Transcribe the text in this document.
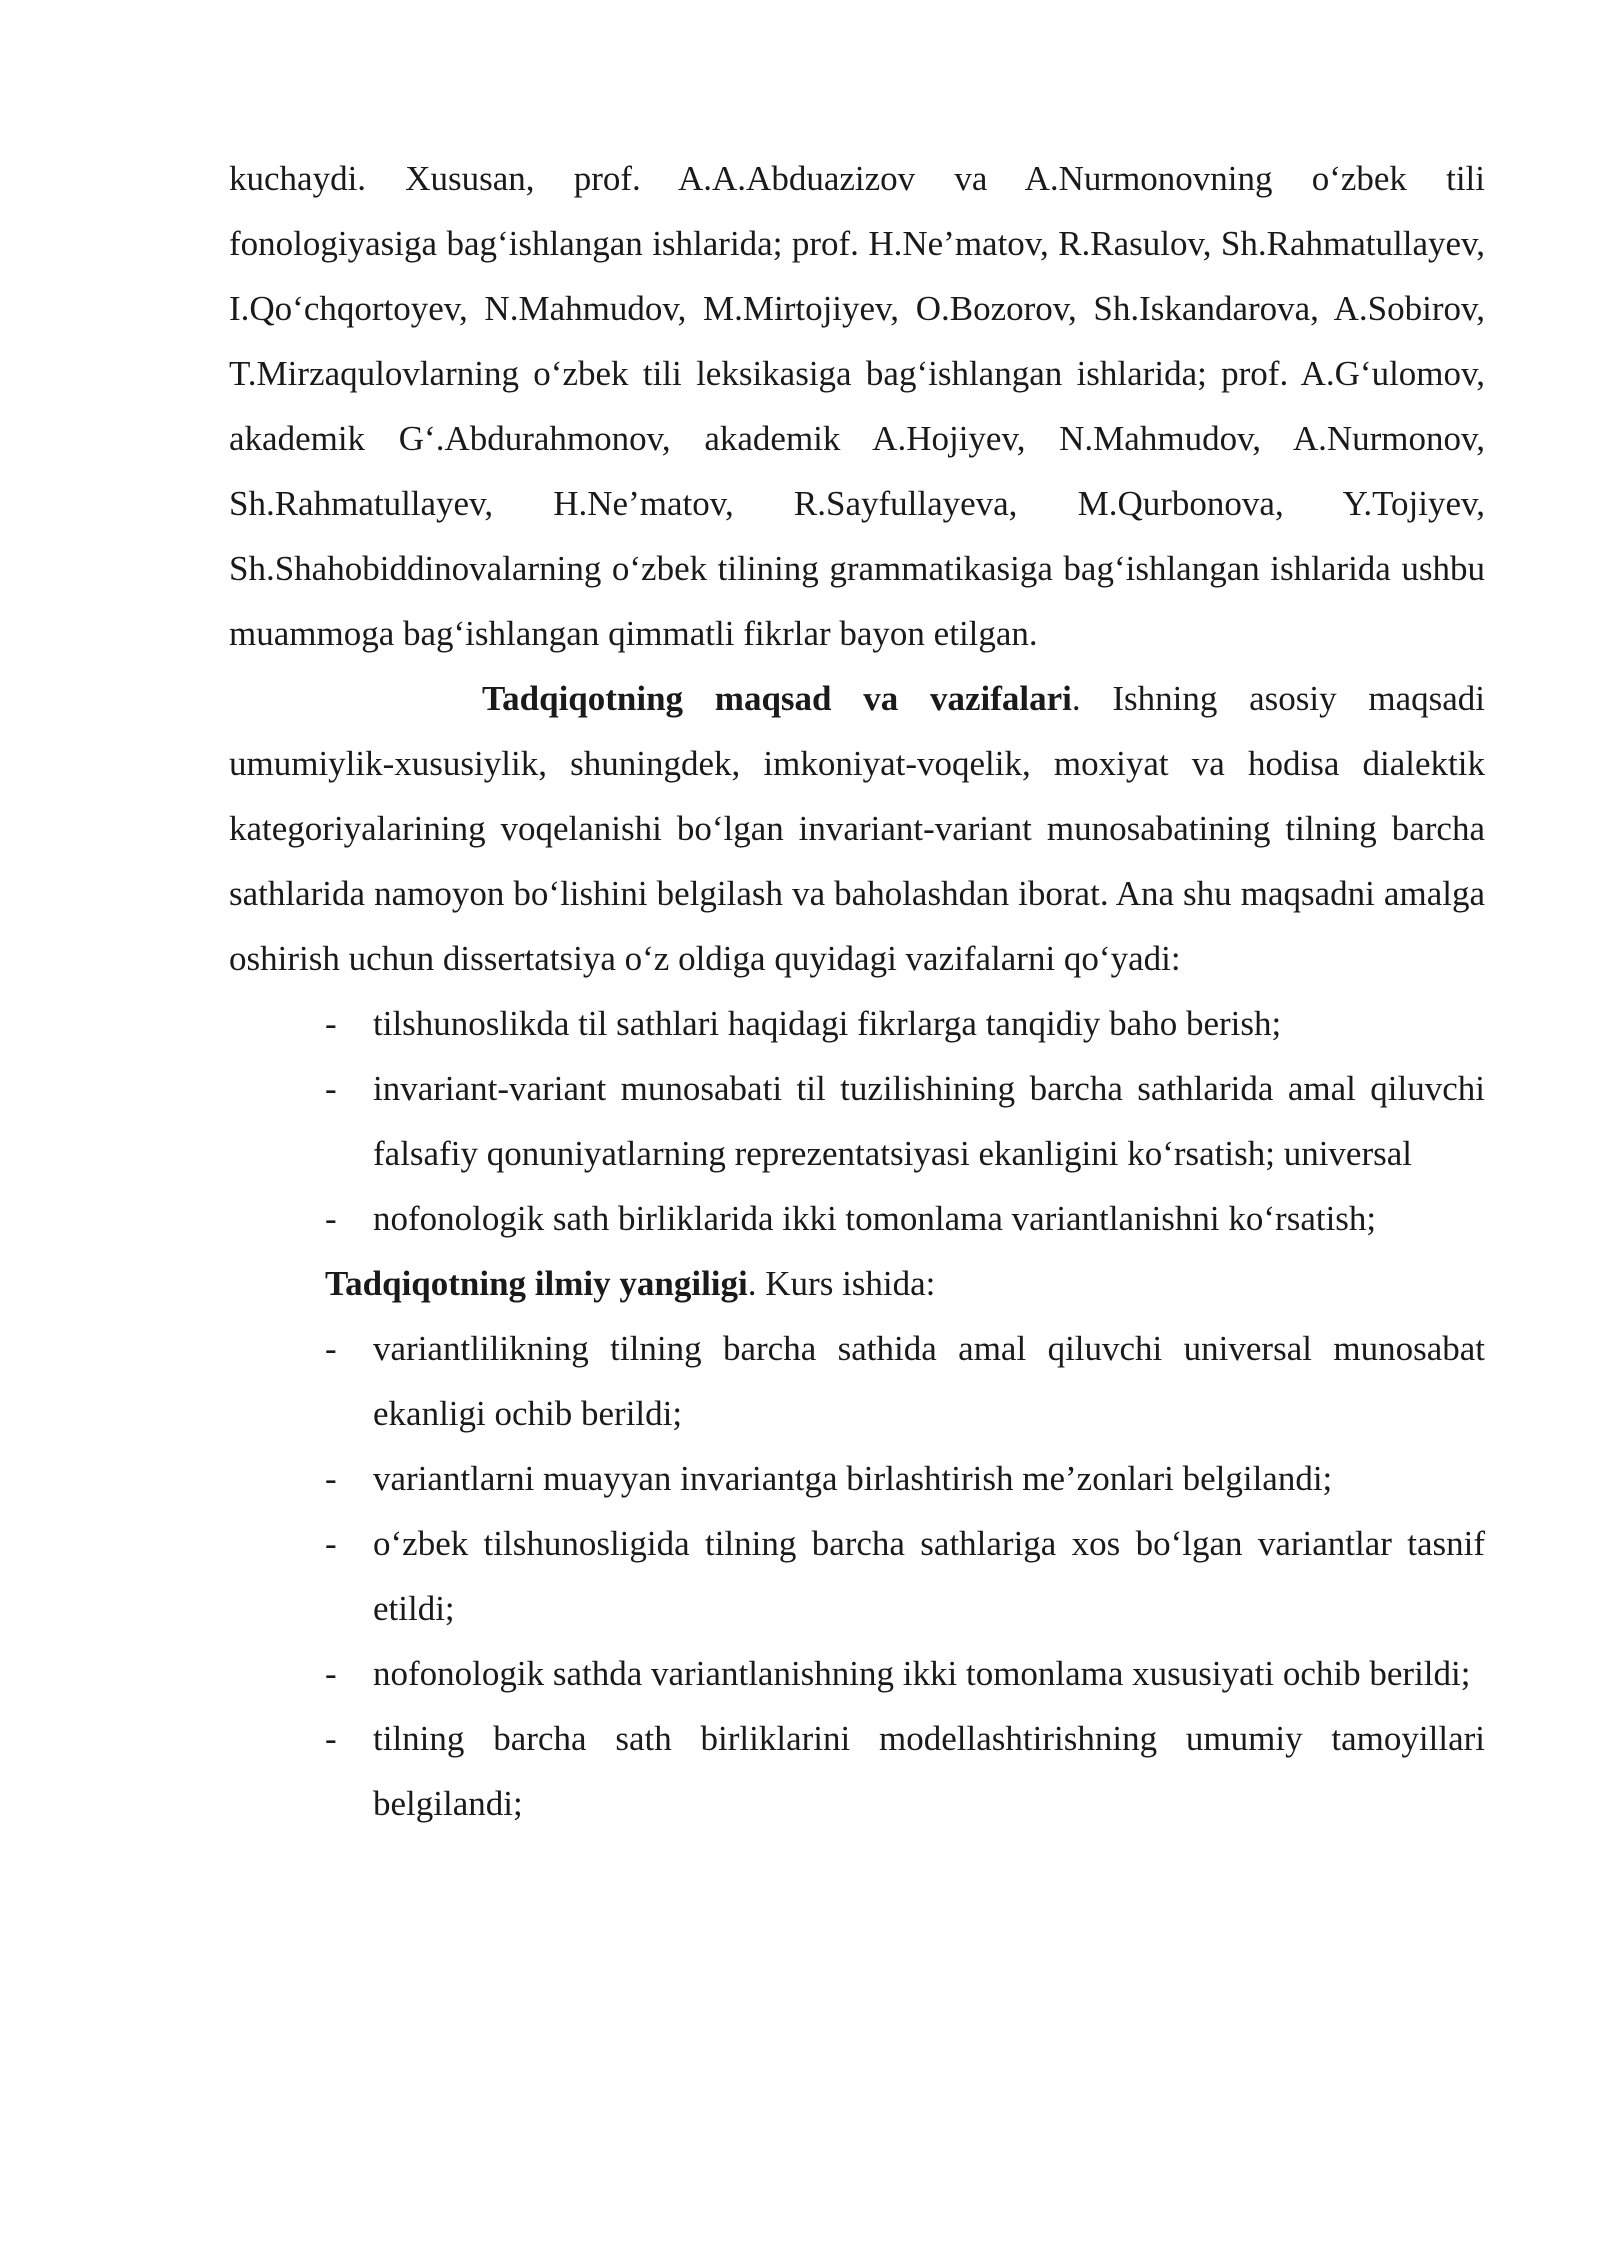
kuchaydi. Xususan, prof. A.A.Abduazizov va A.Nurmonovning o‘zbek tili fonologiyasiga bag‘ishlangan ishlarida; prof. H.Ne’matov, R.Rasulov, Sh.Rahmatullayev, I.Qo‘chqortoyev, N.Mahmudov, M.Mirtojiyev, O.Bozorov, Sh.Iskandarova, A.Sobirov, T.Mirzaqulovlarning o‘zbek tili leksikasiga bag‘ishlangan ishlarida; prof. A.G‘ulomov, akademik G‘.Abdurahmonov, akademik A.Hojiyev, N.Mahmudov, A.Nurmonov, Sh.Rahmatullayev, H.Ne’matov, R.Sayfullayeva, M.Qurbonova, Y.Tojiyev, Sh.Shahobiddinovalarning o‘zbek tilining grammatikasiga bag‘ishlangan ishlarida ushbu muammoga bag‘ishlangan qimmatli fikrlar bayon etilgan.

Tadqiqotning maqsad va vazifalari. Ishning asosiy maqsadi umumiylik-xususiylik, shuningdek, imkoniyat-voqelik, moxiyat va hodisa dialektik kategoriyalarining voqelanishi bo‘lgan invariant-variant munosabatining tilning barcha sathlarida namoyon bo‘lishini belgilash va baholashdan iborat. Ana shu maqsadni amalga oshirish uchun dissertatsiya o‘z oldiga quyidagi vazifalarni qo‘yadi:

- tilshunoslikda til sathlari haqidagi fikrlarga tanqidiy baho berish;
- invariant-variant munosabati til tuzilishining barcha sathlarida amal qiluvchi falsafiy qonuniyatlarning reprezentatsiyasi ekanligini ko‘rsatish; universal
- nofonologik sath birliklarida ikki tomonlama variantlanishni ko‘rsatish;

Tadqiqotning ilmiy yangiligi. Kurs ishida:

- variantlilikning tilning barcha sathida amal qiluvchi universal munosabat ekanligi ochib berildi;
- variantlarni muayyan invariantga birlashtirish me’zonlari belgilandi;
- o‘zbek tilshunosligida tilning barcha sathlariga xos bo‘lgan variantlar tasnif etildi;
- nofonologik sathda variantlanishning ikki tomonlama xususiyati ochib berildi;
- tilning barcha sath birliklarini modellashtirishning umumiy tamoyillari belgilandi;
